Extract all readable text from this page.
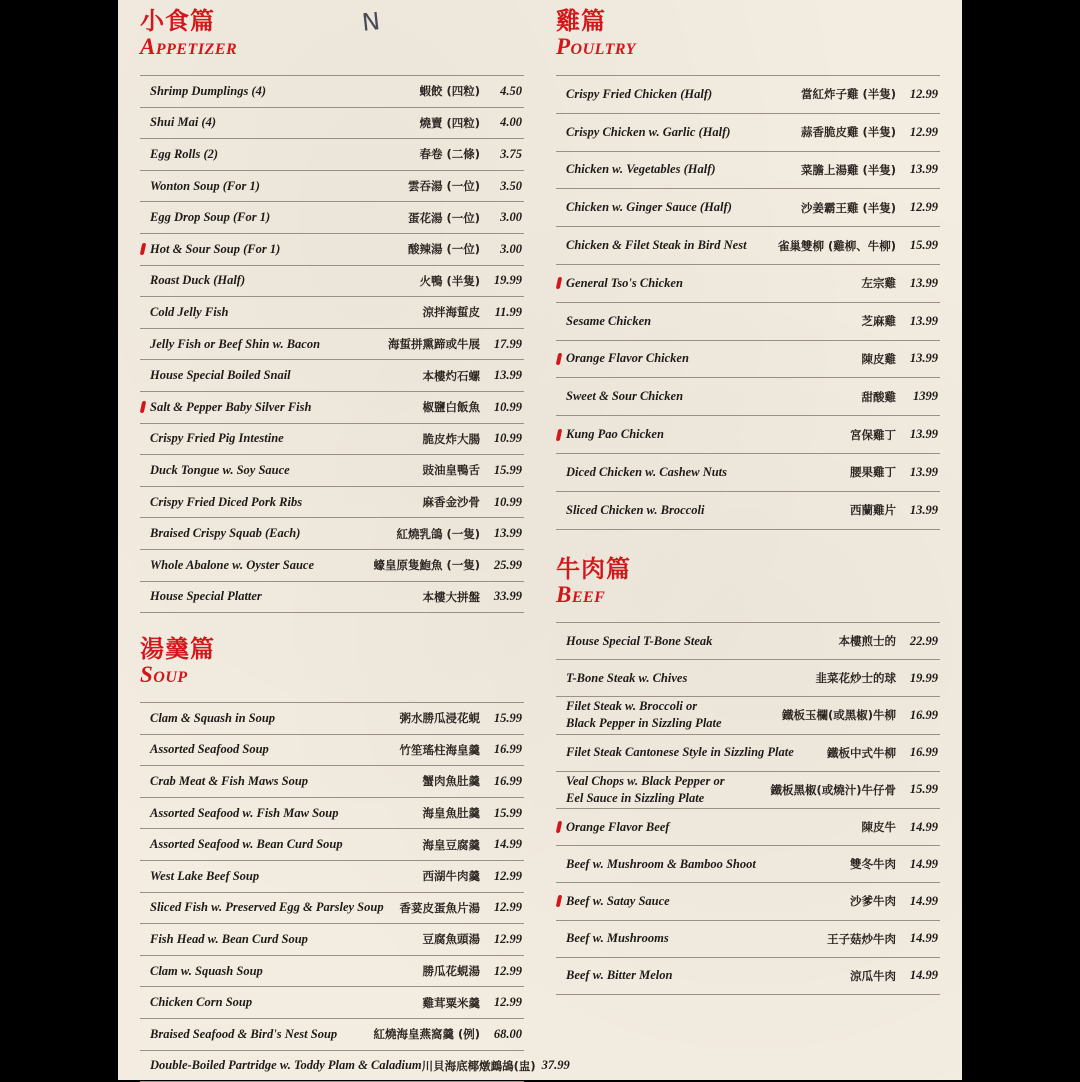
N
小食篇
Appetizer
Shrimp Dumplings (4)	蝦餃 (四粒)	4.50
Shui Mai (4)	燒賣 (四粒)	4.00
Egg Rolls (2)	春卷 (二條)	3.75
Wonton Soup (For 1)	雲吞湯 (一位)	3.50
Egg Drop Soup (For 1)	蛋花湯 (一位)	3.00
Hot & Sour Soup (For 1)	酸辣湯 (一位)	3.00
Roast Duck (Half)	火鴨 (半隻)	19.99
Cold Jelly Fish	涼拌海蜇皮	11.99
Jelly Fish or Beef Shin w. Bacon	海蜇拼熏蹄或牛展	17.99
House Special Boiled Snail	本樓灼石螺	13.99
Salt & Pepper Baby Silver Fish	椒鹽白飯魚	10.99
Crispy Fried Pig Intestine	脆皮炸大腸	10.99
Duck Tongue w. Soy Sauce	豉油皇鴨舌	15.99
Crispy Fried Diced Pork Ribs	麻香金沙骨	10.99
Braised Crispy Squab (Each)	紅燒乳鴿 (一隻)	13.99
Whole Abalone w. Oyster Sauce	蠔皇原隻鮑魚 (一隻)	25.99
House Special Platter	本樓大拼盤	33.99
湯羹篇
Soup
Clam & Squash in Soup	粥水勝瓜浸花蜆	15.99
Assorted Seafood Soup	竹笙瑤柱海皇羹	16.99
Crab Meat & Fish Maws Soup	蟹肉魚肚羹	16.99
Assorted Seafood w. Fish Maw Soup	海皇魚肚羹	15.99
Assorted Seafood w. Bean Curd Soup	海皇豆腐羹	14.99
West Lake Beef Soup	西湖牛肉羹	12.99
Sliced Fish w. Preserved Egg & Parsley Soup 香荽皮蛋魚片湯	12.99
Fish Head w. Bean Curd Soup	豆腐魚頭湯	12.99
Clam w. Squash Soup	勝瓜花蜆湯	12.99
Chicken Corn Soup	雞茸粟米羹	12.99
Braised Seafood & Bird's Nest Soup	紅燒海皇燕窩羹 (例)	68.00
Double-Boiled Partridge w. Toddy Plam & Caladium 川貝海底椰燉鷓鴣(盅) 37.99
雞篇
Poultry
Crispy Fried Chicken (Half)	當紅炸子雞 (半隻)	12.99
Crispy Chicken w. Garlic (Half)	蒜香脆皮雞 (半隻)	12.99
Chicken w. Vegetables (Half)	菜膽上湯雞 (半隻)	13.99
Chicken w. Ginger Sauce (Half)	沙姜霸王雞 (半隻)	12.99
Chicken & Filet Steak in Bird Nest	雀巢雙柳 (雞柳、牛柳)	15.99
General Tso's Chicken	左宗雞	13.99
Sesame Chicken	芝麻雞	13.99
Orange Flavor Chicken	陳皮雞	13.99
Sweet & Sour Chicken	甜酸雞	1399
Kung Pao Chicken	宮保雞丁	13.99
Diced Chicken w. Cashew Nuts	腰果雞丁	13.99
Sliced Chicken w. Broccoli	西蘭雞片	13.99
牛肉篇
Beef
House Special T-Bone Steak	本樓煎士的	22.99
T-Bone Steak w. Chives	韭菜花炒士的球	19.99
Filet Steak w. Broccoli or
Black Pepper in Sizzling Plate
鐵板玉欄(或黑椒)牛柳	16.99
Filet Steak Cantonese Style in Sizzling Plate	鐵板中式牛柳	16.99
Veal Chops w. Black Pepper or
Eel Sauce in Sizzling Plate
鐵板黑椒(或燒汁)牛仔骨	15.99
Orange Flavor Beef	陳皮牛	14.99
Beef w. Mushroom & Bamboo Shoot	雙冬牛肉	14.99
Beef w. Satay Sauce	沙爹牛肉	14.99
Beef w. Mushrooms	王子菇炒牛肉	14.99
Beef w. Bitter Melon	涼瓜牛肉	14.99
